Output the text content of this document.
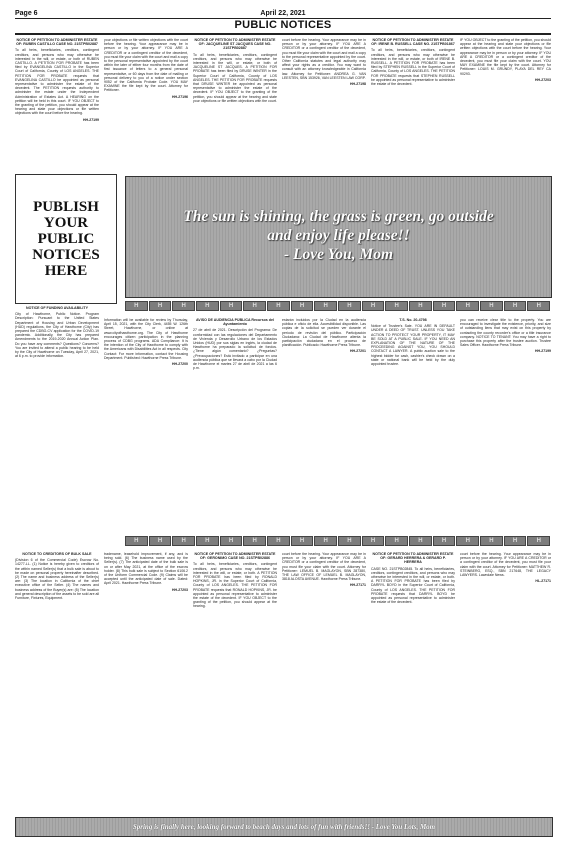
Page 6	April 22, 2021
PUBLIC NOTICES
NOTICE OF PETITION TO ADMINISTER ESTATE OF: RUBEN CASTILLO CASE NO. 21STPB02887

To all heirs, beneficiaries, creditors, contingent creditors, and persons who may otherwise be interested in the will, or estate, or both of RUBEN CASTILLO. A PETITION FOR PROBATE has been filed by EVANGELINA CASTILLO in the Superior Court of California, County of LOS ANGELES. THE PETITION FOR PROBATE requests that EVANGELINA CASTILLO be appointed as personal representative to administer the estate of the decedent. The PETITION requests authority to administer the estate under the Independent Administration of Estates Act. A HEARING on the petition will be held in this court. IF YOU OBJECT to the granting of the petition, you should appear at the hearing and state your objections or file written objections with the court before the hearing.

HH-27199

your objections or file written objections with the court before the hearing. Your appearance may be in person or by your attorney. IF YOU ARE A CREDITOR or a contingent creditor of the decedent, you must file your claim with the court and mail a copy to the personal representative appointed by the court within the later of either four months from the date of first issuance of letters to a general personal representative, or 60 days from the date of mailing or personal delivery to you of a notice under section 9052 of the California Probate Code. YOU MAY EXAMINE the file kept by the court. Attorney for Petitioner.

HH-27196
NOTICE OF PETITION TO ADMINISTER ESTATE OF: JACQUELINE ST JACQUES CASE NO. 21STPB02887

To all heirs, beneficiaries, creditors, contingent creditors, and persons who may otherwise be interested in the will, or estate, or both of JACQUELINE ST JACQUES. A PETITION FOR PROBATE has been filed by DRUSE WINTER in the Superior Court of California, County of LOS ANGELES. THE PETITION FOR PROBATE requests that DRUSE WINTER be appointed as personal representative to administer the estate of the decedent. IF YOU OBJECT to the granting of the petition, you should appear at the hearing and state your objections or file written objections with the court.

court before the hearing. Your appearance may be in person or by your attorney. IF YOU ARE A CREDITOR or a contingent creditor of the decedent, you must file your claim with the court and mail a copy to the personal representative appointed by the court. Other California statutes and legal authority may affect your rights as a creditor. You may want to consult with an attorney knowledgeable in California law. Attorney for Petitioner: ANDREA G. VAN LEESTEN, SBN 153926, VAN LEESTEN LAW CORP.

HH-27198
NOTICE OF PETITION TO ADMINISTER ESTATE OF: IRENE B. RUSSELL CASE NO. 21STPB01867

To all heirs, beneficiaries, creditors, contingent creditors, and persons who may otherwise be interested in the will, or estate, or both of IRENE B. RUSSELL. A PETITION FOR PROBATE has been filed by STEPHEN RUSSELL in the Superior Court of California, County of LOS ANGELES. THE PETITION FOR PROBATE requests that STEPHEN RUSSELL be appointed as personal representative to administer the estate of the decedent.

IF YOU OBJECT to the granting of the petition, you should appear at the hearing and state your objections or file written objections with the court before the hearing. Your appearance may be in person or by your attorney. IF YOU ARE A CREDITOR or a contingent creditor of the decedent, you must file your claim with the court. YOU MAY EXAMINE the file kept by the court. Attorney for Petitioner: LOUIS M. GRUNDY, PLAYA DEL REY CA 90293.

HH-27203
PUBLISH
YOUR
PUBLIC
NOTICES
HERE
The sun is shining, the grass is green, go outside
and enjoy life please!!
- Love You, Mom
H	H	H	H	H	H	H	H	H	H	H	H	H	H	H	H	H	H
NOTICE OF FUNDING AVAILABILITY

City of Hawthorne, Public Notice. Program Description: Pursuant to the United States Department of Housing and Urban Development (HUD) regulations, the City of Hawthorne (City) has prepared the CDBG-CV application for the COVID-19 pandemic. Additionally, the City has prepared Amendments to the 2019-2020 Annual Action Plan. Do you have any comments? Questions? Concerns? You are invited to attend a public hearing to be held by the City of Hawthorne on Tuesday, April 27, 2021, at 6 p.m. to provide information.

Information will be available for review by Thursday, April 15, 2021, with the City Clerk, 4455 W. 126th Street, Hawthorne, or online at www.cityofhawthorne.org. The City of Hawthorne encourages citizen participation in the planning process of CDBG programs. ADA Compliance: It is the intention of the City of Hawthorne to comply with the Americans with Disabilities Act in all respects. City Contact: For more information, contact the Housing Department. Published: Hawthorne Press Tribune.

HH-27200
AVISO DE AUDIENCIA PÚBLICA Recursos del Ayuntamiento

27 de abril de 2021. Descripción del Programa: De conformidad con las regulaciones del Departamento de Vivienda y Desarrollo Urbano de los Estados Unidos (HUD) por sus siglas en inglés, la ciudad de Hawthorne ha preparado la solicitud de fondos. ¿Tiene algún comentario? ¿Preguntas? ¿Preocupaciones? Está invitado a participar en una audiencia pública que se llevará a cabo por la Ciudad de Hawthorne el martes 27 de abril de 2021 a las 6 p.m.

estarán incluidos por la Ciudad en la audiencia pública e oficio de ella. Accesibilidad disponible. Las copias de la solicitud se pueden ver durante el período de revisión del público. Participación Ciudadana: La Ciudad de Hawthorne alienta la participación ciudadana en el proceso de planificación. Publicado: Hawthorne Press Tribune.

HH-27201
T.S. No. 20-4798

Notice of Trustee's Sale. YOU ARE IN DEFAULT UNDER A DEED OF TRUST. UNLESS YOU TAKE ACTION TO PROTECT YOUR PROPERTY, IT MAY BE SOLD AT A PUBLIC SALE. IF YOU NEED AN EXPLANATION OF THE NATURE OF THE PROCEEDING AGAINST YOU, YOU SHOULD CONTACT A LAWYER. A public auction sale to the highest bidder for cash, cashier's check drawn on a state or national bank will be held by the duly appointed trustee.

you can receive clear title to the property. You are encouraged to investigate the existence, priority, and size of outstanding liens that may exist on this property by contacting the county recorder's office or a title insurance company. NOTICE TO TENANT: You may have a right to purchase this property after the trustee auction. Trustee Sales Officer. Hawthorne Press Tribune.

HH-27199
H	H	H	H	H	H	H	H	H	H	H	H	H	H	H	H	H	H
NOTICE TO CREDITORS OF BULK SALE

(Division 6 of the Commercial Code) Escrow No. 14277-LL. (1) Notice is hereby given to creditors of the within named Seller(s) that a bulk sale is about to be made on personal property hereinafter described. (2) The name and business address of the Seller(s) are: (3) The location in California of the chief executive office of the Seller. (4) The names and business address of the Buyer(s) are: (5) The location and general description of the assets to be sold are all Furniture, Fixtures, Equipment.

tradename, leasehold improvement, if any, and is being sold. (6) The business name used by the Seller(s). (7) The anticipated date of the bulk sale is on or after May 2021, at the office of the escrow holder. (8) This bulk sale is subject to Section 6106.2 of the Uniform Commercial Code. (9) Claims will be accepted until the anticipated date of sale. Dated: April 2021. Hawthorne Press Tribune.

HH-27203
NOTICE OF PETITION TO ADMINISTER ESTATE OF: GERONIMO CASE NO. 21STPB02886

To all heirs, beneficiaries, creditors, contingent creditors, and persons who may otherwise be interested in the will, or estate, or both. A PETITION FOR PROBATE has been filed by RONALD HOPKINS, JR. in the Superior Court of California, County of LOS ANGELES. THE PETITION FOR PROBATE requests that RONALD HOPKINS, JR. be appointed as personal representative to administer the estate of the decedent. IF YOU OBJECT to the granting of the petition, you should appear at the hearing.

court before the hearing. Your appearance may be in person or by your attorney. IF YOU ARE A CREDITOR or a contingent creditor of the decedent, you must file your claim with the court. Attorney for Petitioner: LEMUEL B. MAGLAYON, SBN 287380, THE LAW OFFICE OF LEMUEL B. MAGLAYON, 3818 ALOSTA AVENUE. Hawthorne Press Tribune.

HH-27171
NOTICE OF PETITION TO ADMINISTER ESTATE OF: GERARD HERRERA & GERARD P. HERRERA

CASE NO. 21STPB02845. To all heirs, beneficiaries, creditors, contingent creditors, and persons who may otherwise be interested in the will, or estate, or both. A PETITION FOR PROBATE has been filed by DARRYL BOYD in the Superior Court of California, County of LOS ANGELES. THE PETITION FOR PROBATE requests that DARRYL BOYD be appointed as personal representative to administer the estate of the decedent.

court before the hearing. Your appearance may be in person or by your attorney. IF YOU ARE A CREDITOR or a contingent creditor of the decedent, you must file your claim with the court. Attorney for Petitioner: MATTHEW R. STEINBERG, ESQ., SBN 217648, THE LEGACY LAWYERS. Lawndale News.

HL-27171
Spring is finally here, looking forward to beach days and lots of fun with friends!! - Love You Lots, Mom
